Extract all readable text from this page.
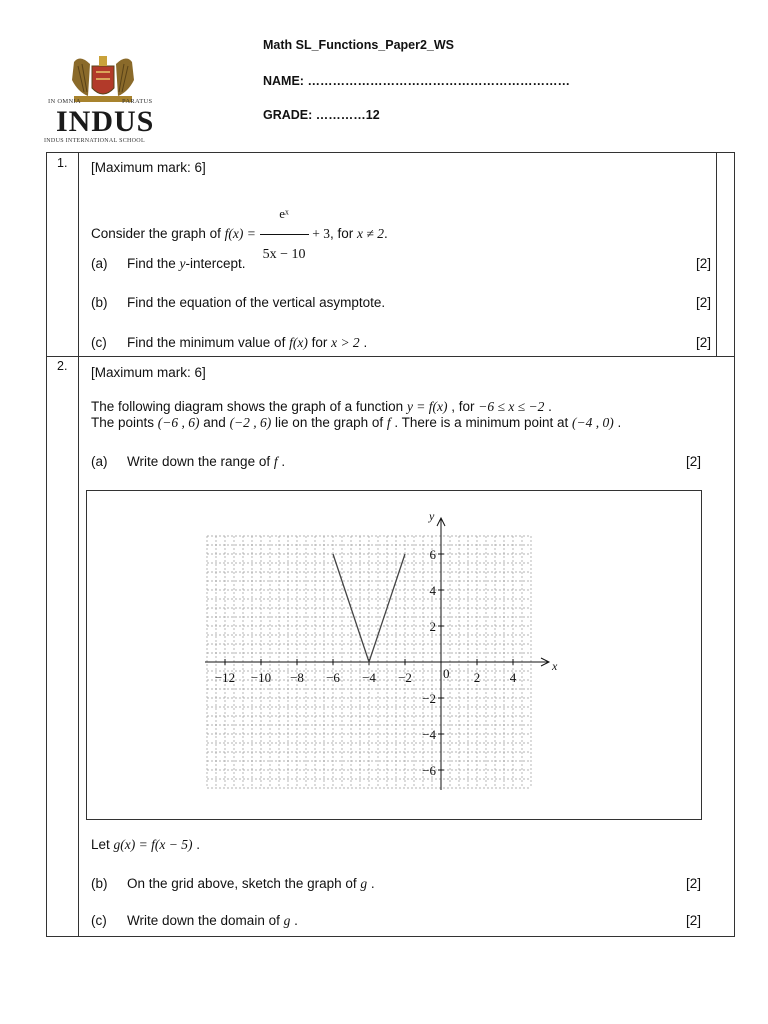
Math SL_Functions_Paper2_WS
NAME: ………………………………………………………
GRADE: …………12
IN OMNIA	PARATUS
INDUS
INDUS INTERNATIONAL SCHOOL
1. [Maximum mark: 6]
Consider the graph of $f(x) = \frac{\text{eˣ}}{5x - 10} + 3$, for x ≠ 2.
(a) Find the y-intercept.	[2]
(b) Find the equation of the vertical asymptote.	[2]
(c) Find the minimum value of f(x) for x > 2 .	[2]
2. [Maximum mark: 6]
The following diagram shows the graph of a function y = f(x) , for −6 ≤ x ≤ −2 .
The points (−6 , 6) and (−2 , 6) lie on the graph of f . There is a minimum point at (−4 , 0) .
(a) Write down the range of f .	[2]
x
y
−12 −10 −8 −6 −4 −2	2 4
0
6
4
2
−2
−4
−6
Let g(x) = f(x − 5) .
(b) On the grid above, sketch the graph of g .	[2]
(c) Write down the domain of g .	[2]
